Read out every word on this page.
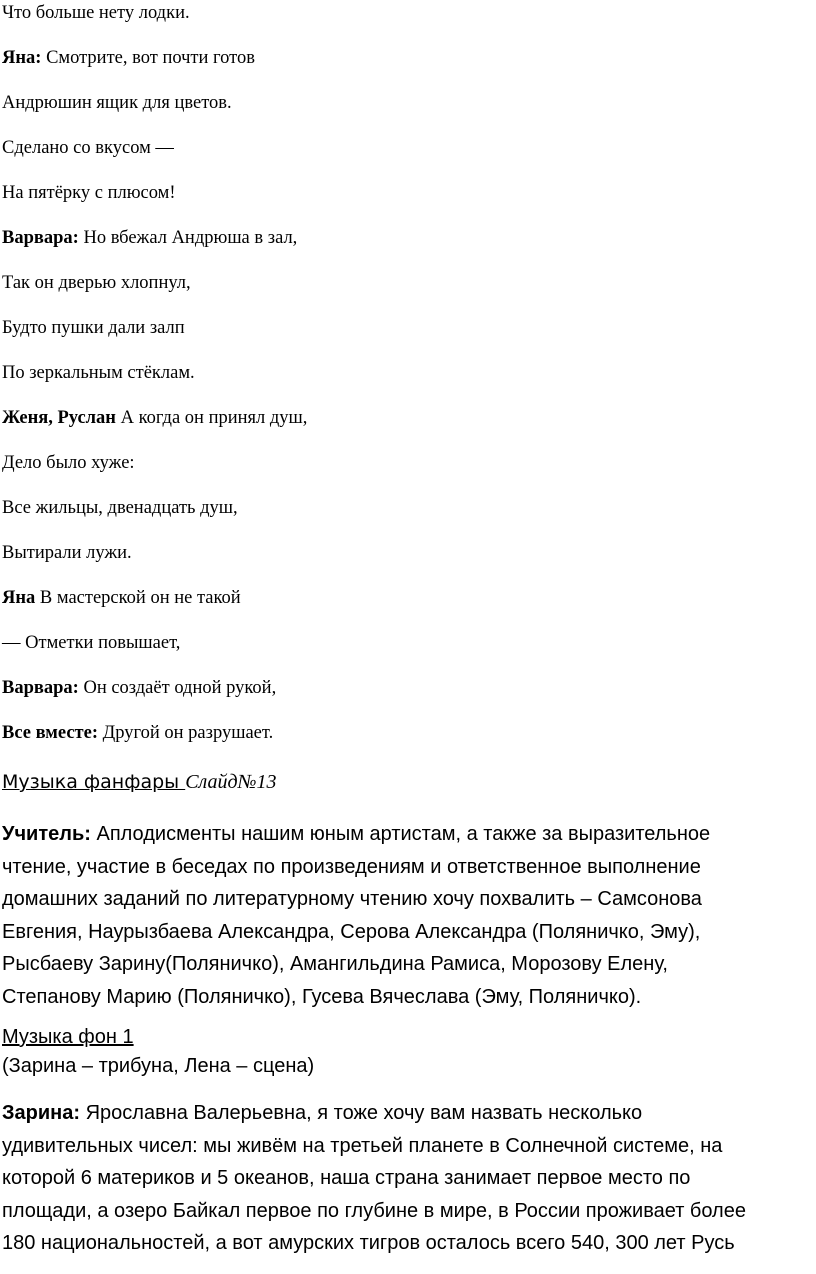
Что больше нету лодки.
Яна: Смотрите, вот почти готов
Андрюшин ящик для цветов.
Сделано со вкусом —
На пятёрку с плюсом!
Варвара: Но вбежал Андрюша в зал,
Так он дверью хлопнул,
Будто пушки дали залп
По зеркальным стёклам.
Женя, Руслан А когда он принял душ,
Дело было хуже:
Все жильцы, двенадцать душ,
Вытирали лужи.
Яна В мастерской он не такой
— Отметки повышает,
Варвара: Он создаёт одной рукой,
Все вместе: Другой он разрушает.
Музыка фанфары Слайд№13
Учитель: Аплодисменты нашим юным артистам, а также за выразительное
чтение, участие в беседах по произведениям и ответственное выполнение
домашних заданий по литературному чтению хочу похвалить – Самсонова
Евгения, Наурызбаева Александра, Серова Александра (Поляничко, Эму),
Рысбаеву Зарину(Поляничко), Амангильдина Рамиса, Морозову Елену,
Степанову Марию (Поляничко), Гусева Вячеслава (Эму, Поляничко).
Музыка фон 1
(Зарина – трибуна, Лена – сцена)
Зарина: Ярославна Валерьевна, я тоже хочу вам назвать несколько
удивительных чисел: мы живём на третьей планете в Солнечной системе, на
которой 6 материков и 5 океанов, наша страна занимает первое место по
площади, а озеро Байкал первое по глубине в мире, в России проживает более
180 национальностей, а вот амурских тигров осталось всего 540, 300 лет Русь
